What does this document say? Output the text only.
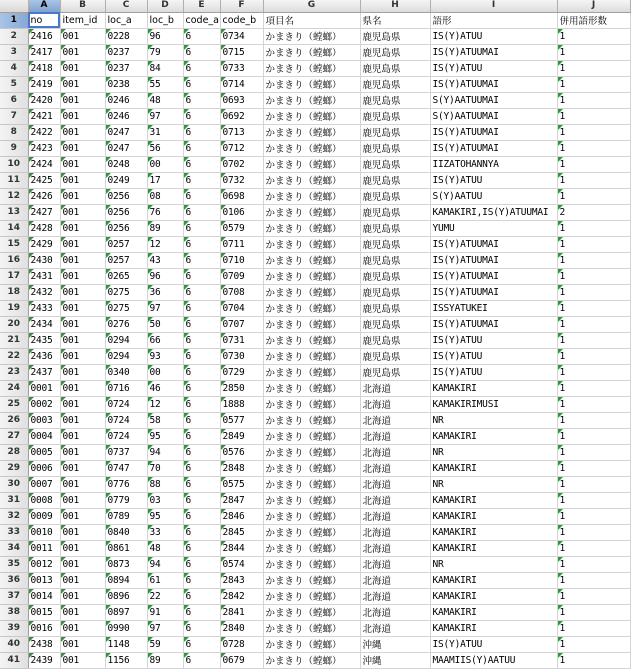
	A	B	C	D	E	F	G	H	I	J
1	no	item_id	loc_a	loc_b	code_a	code_b	項目名	県名	語形	併用語形数
2	2416	001	0228	96	6	0734	かまきり（螳螂）	鹿児島県	IS(Y)ATUU	1
3	2417	001	0237	79	6	0715	かまきり（螳螂）	鹿児島県	IS(Y)ATUUMAI	1
4	2418	001	0237	84	6	0733	かまきり（螳螂）	鹿児島県	IS(Y)ATUU	1
5	2419	001	0238	55	6	0714	かまきり（螳螂）	鹿児島県	IS(Y)ATUUMAI	1
6	2420	001	0246	48	6	0693	かまきり（螳螂）	鹿児島県	S(Y)AATUUMAI	1
7	2421	001	0246	97	6	0692	かまきり（螳螂）	鹿児島県	S(Y)AATUUMAI	1
8	2422	001	0247	31	6	0713	かまきり（螳螂）	鹿児島県	IS(Y)ATUUMAI	1
9	2423	001	0247	56	6	0712	かまきり（螳螂）	鹿児島県	IS(Y)ATUUMAI	1
10	2424	001	0248	00	6	0702	かまきり（螳螂）	鹿児島県	IIZATOHANNYA	1
11	2425	001	0249	17	6	0732	かまきり（螳螂）	鹿児島県	IS(Y)ATUU	1
12	2426	001	0256	08	6	0698	かまきり（螳螂）	鹿児島県	S(Y)AATUU	1
13	2427	001	0256	76	6	0106	かまきり（螳螂）	鹿児島県	KAMAKIRI,IS(Y)ATUUMAI	2
14	2428	001	0256	89	6	0579	かまきり（螳螂）	鹿児島県	YUMU	1
15	2429	001	0257	12	6	0711	かまきり（螳螂）	鹿児島県	IS(Y)ATUUMAI	1
16	2430	001	0257	43	6	0710	かまきり（螳螂）	鹿児島県	IS(Y)ATUUMAI	1
17	2431	001	0265	96	6	0709	かまきり（螳螂）	鹿児島県	IS(Y)ATUUMAI	1
18	2432	001	0275	36	6	0708	かまきり（螳螂）	鹿児島県	IS(Y)ATUUMAI	1
19	2433	001	0275	97	6	0704	かまきり（螳螂）	鹿児島県	ISSYATUKEI	1
20	2434	001	0276	50	6	0707	かまきり（螳螂）	鹿児島県	IS(Y)ATUUMAI	1
21	2435	001	0294	66	6	0731	かまきり（螳螂）	鹿児島県	IS(Y)ATUU	1
22	2436	001	0294	93	6	0730	かまきり（螳螂）	鹿児島県	IS(Y)ATUU	1
23	2437	001	0340	00	6	0729	かまきり（螳螂）	鹿児島県	IS(Y)ATUU	1
24	0001	001	0716	46	6	2850	かまきり（螳螂）	北海道	KAMAKIRI	1
25	0002	001	0724	12	6	1888	かまきり（螳螂）	北海道	KAMAKIRIMUSI	1
26	0003	001	0724	58	6	0577	かまきり（螳螂）	北海道	NR	1
27	0004	001	0724	95	6	2849	かまきり（螳螂）	北海道	KAMAKIRI	1
28	0005	001	0737	94	6	0576	かまきり（螳螂）	北海道	NR	1
29	0006	001	0747	70	6	2848	かまきり（螳螂）	北海道	KAMAKIRI	1
30	0007	001	0776	88	6	0575	かまきり（螳螂）	北海道	NR	1
31	0008	001	0779	03	6	2847	かまきり（螳螂）	北海道	KAMAKIRI	1
32	0009	001	0789	95	6	2846	かまきり（螳螂）	北海道	KAMAKIRI	1
33	0010	001	0840	33	6	2845	かまきり（螳螂）	北海道	KAMAKIRI	1
34	0011	001	0861	48	6	2844	かまきり（螳螂）	北海道	KAMAKIRI	1
35	0012	001	0873	94	6	0574	かまきり（螳螂）	北海道	NR	1
36	0013	001	0894	61	6	2843	かまきり（螳螂）	北海道	KAMAKIRI	1
37	0014	001	0896	22	6	2842	かまきり（螳螂）	北海道	KAMAKIRI	1
38	0015	001	0897	91	6	2841	かまきり（螳螂）	北海道	KAMAKIRI	1
39	0016	001	0990	97	6	2840	かまきり（螳螂）	北海道	KAMAKIRI	1
40	2438	001	1148	59	6	0728	かまきり（螳螂）	沖縄	IS(Y)ATUU	1
41	2439	001	1156	89	6	0679	かまきり（螳螂）	沖縄	MAAMIIS(Y)AATUU	1
